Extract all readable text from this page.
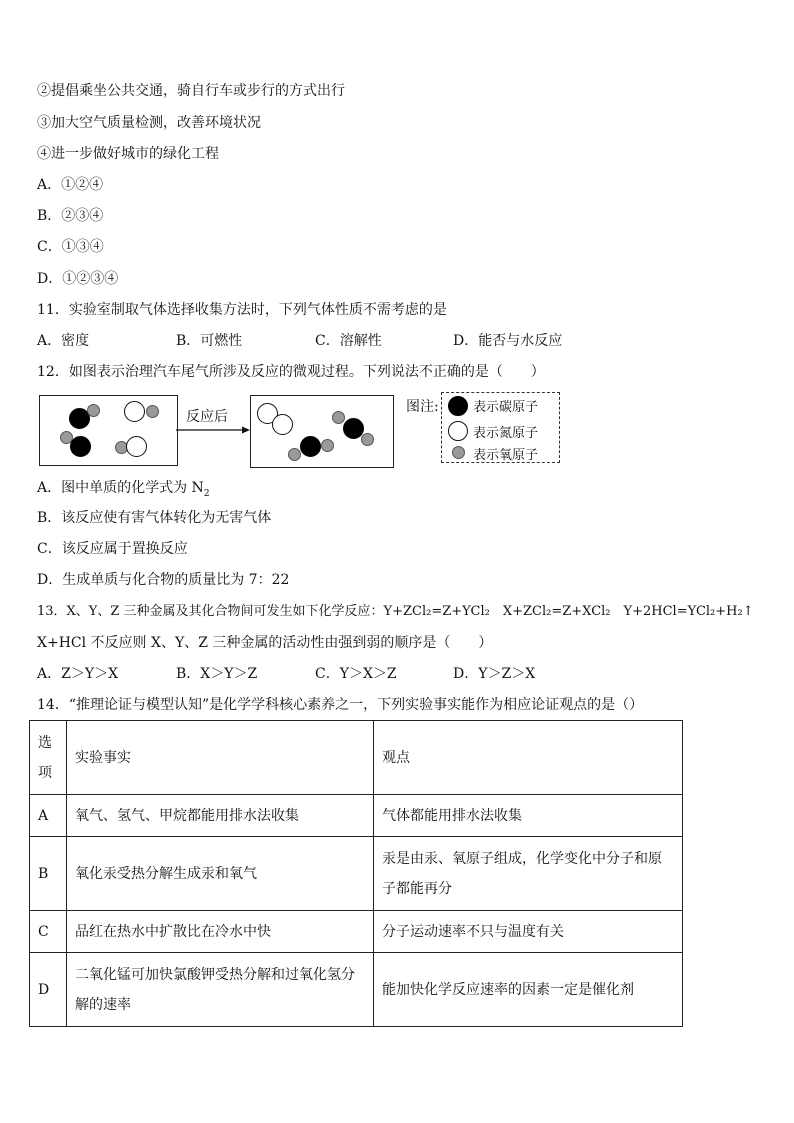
②提倡乘坐公共交通，骑自行车或步行的方式出行
③加大空气质量检测，改善环境状况
④进一步做好城市的绿化工程
A．①②④
B．②③④
C．①③④
D．①②③④
11．实验室制取气体选择收集方法时，下列气体性质不需考虑的是
A．密度	B．可燃性	C．溶解性	D．能否与水反应
12．如图表示治理汽车尾气所涉及反应的微观过程。下列说法不正确的是（　　）
反应后
图注:	表示碳原子
表示氮原子
表示氧原子
A．图中单质的化学式为 $N_2$
B．该反应使有害气体转化为无害气体
C．该反应属于置换反应
D．生成单质与化合物的质量比为 7：22
13．X、Y、Z 三种金属及其化合物间可发生如下化学反应：Y+ZCl₂=Z+YCl₂　X+ZCl₂=Z+XCl₂　Y+2HCl=YCl₂+H₂↑
X+HCl 不反应则 X、Y、Z 三种金属的活动性由强到弱的顺序是（　　）
A．Z＞Y＞X	B．X＞Y＞Z	C．Y＞X＞Z	D．Y＞Z＞X
14．“推理论证与模型认知”是化学学科核心素养之一，下列实验事实能作为相应论证观点的是（）
选项	实验事实	观点
A	氧气、氢气、甲烷都能用排水法收集	气体都能用排水法收集
B	氧化汞受热分解生成汞和氧气	汞是由汞、氧原子组成，化学变化中分子和原子都能再分
C	品红在热水中扩散比在冷水中快	分子运动速率不只与温度有关
D	二氧化锰可加快氯酸钾受热分解和过氧化氢分解的速率	能加快化学反应速率的因素一定是催化剂
